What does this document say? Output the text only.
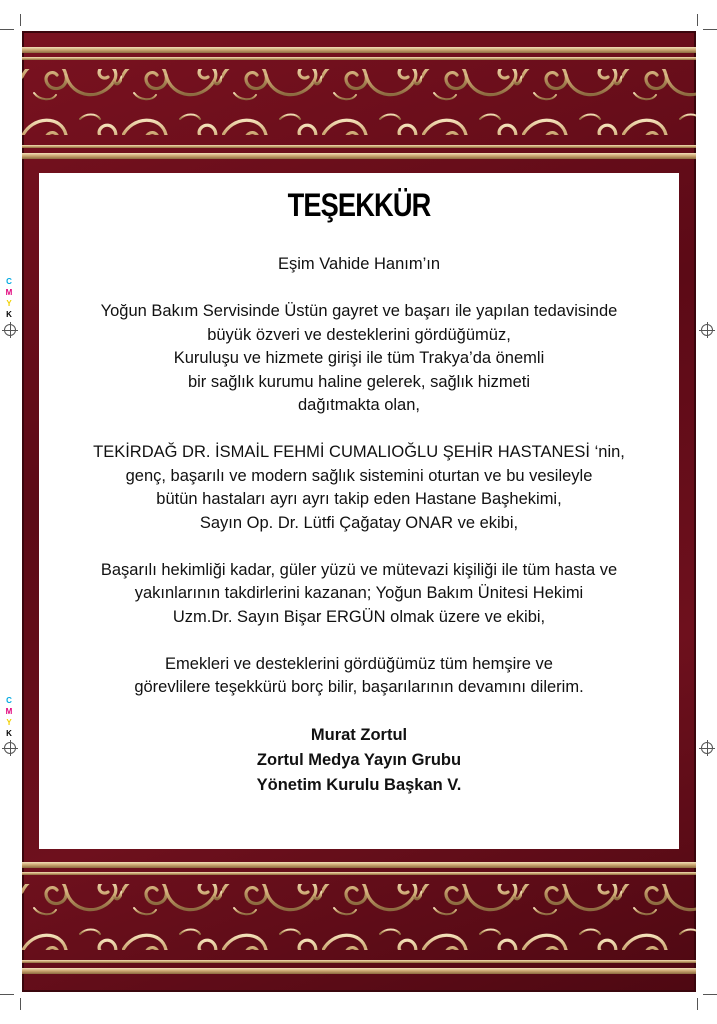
C
M
Y
K
C
M
Y
K
TEŞEKKÜR

Eşim Vahide Hanım’ın

Yoğun Bakım Servisinde Üstün gayret ve başarı ile yapılan tedavisinde

büyük özveri ve desteklerini gördüğümüz,

Kuruluşu ve hizmete girişi ile tüm Trakya’da önemli

bir sağlık kurumu haline gelerek, sağlık hizmeti

dağıtmakta olan,

TEKİRDAĞ DR. İSMAİL FEHMİ CUMALIOĞLU ŞEHİR HASTANESİ ‘nin,

genç, başarılı ve modern sağlık sistemini oturtan ve bu vesileyle

bütün hastaları ayrı ayrı takip eden Hastane Başhekimi,

Sayın Op. Dr. Lütfi Çağatay ONAR ve ekibi,

Başarılı hekimliği kadar, güler yüzü ve mütevazi kişiliği ile tüm hasta ve

yakınlarının takdirlerini kazanan; Yoğun Bakım Ünitesi Hekimi

Uzm.Dr. Sayın Bişar ERGÜN olmak üzere ve ekibi,

Emekleri ve desteklerini gördüğümüz tüm hemşire ve

görevlilere teşekkürü borç bilir, başarılarının devamını dilerim.

Murat Zortul

Zortul Medya Yayın Grubu

Yönetim Kurulu Başkan V.
